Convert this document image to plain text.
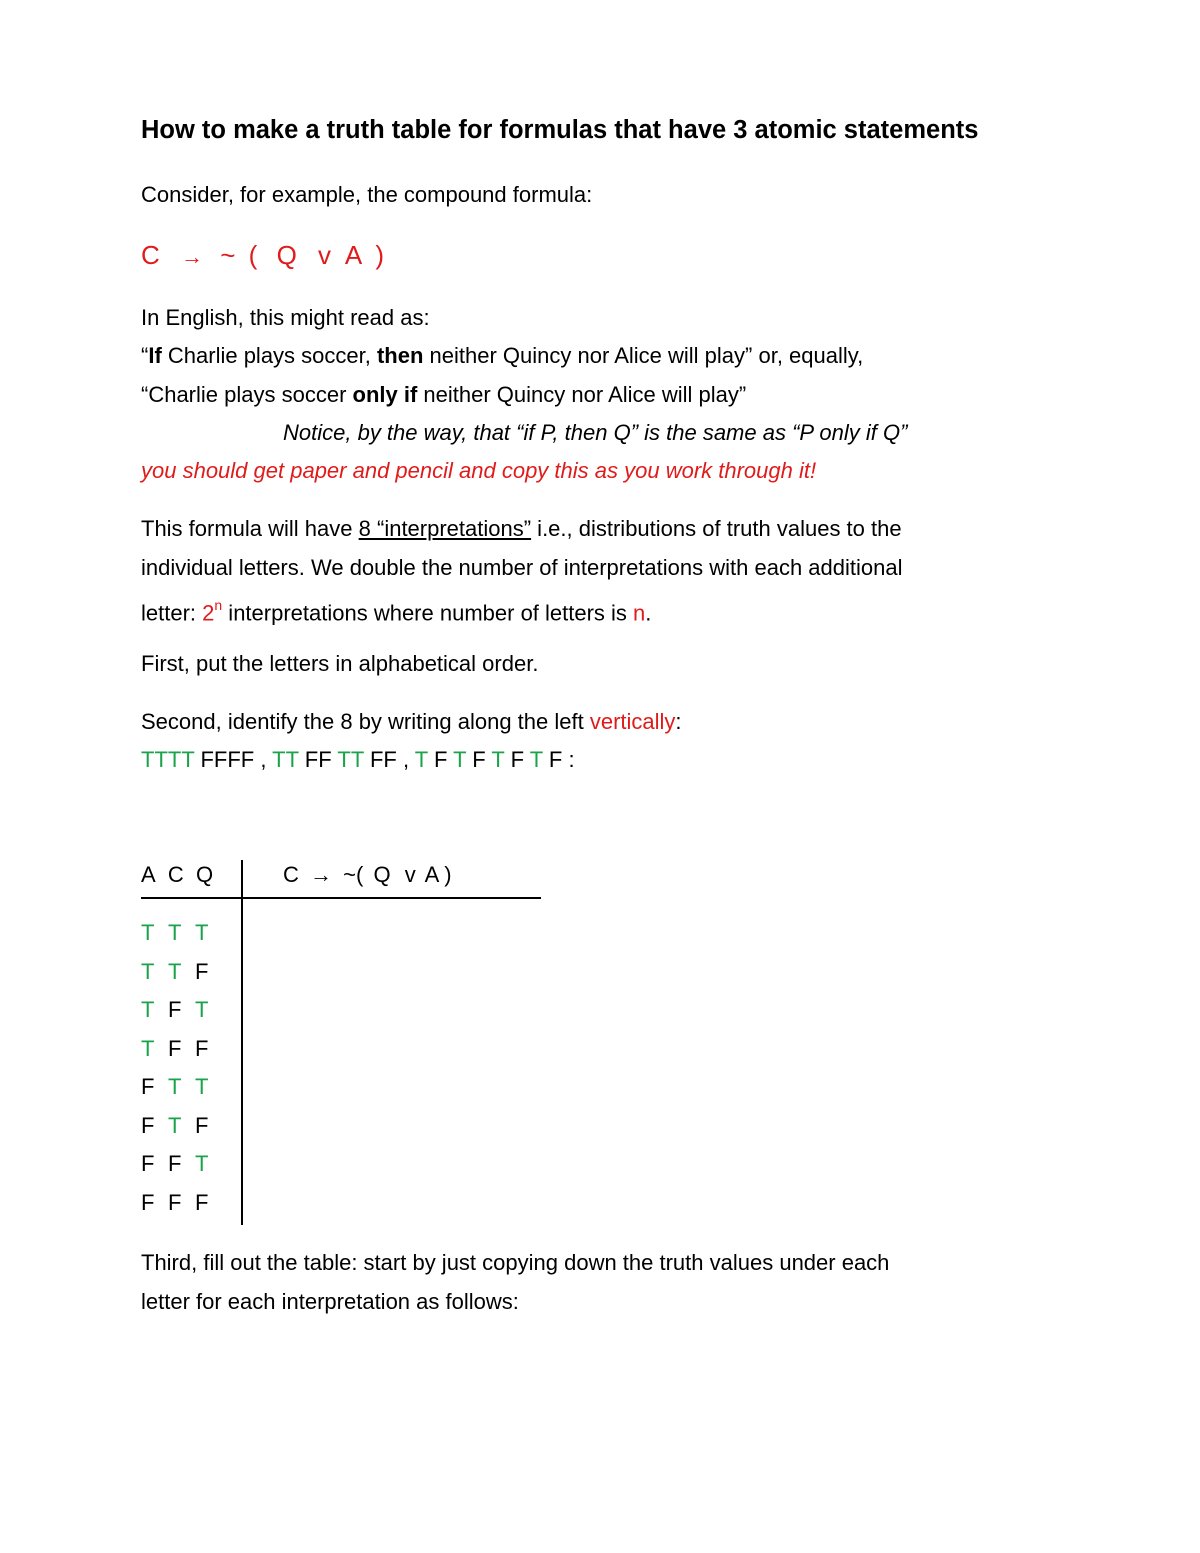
How to make a truth table for formulas that have 3 atomic statements
Consider, for example, the compound formula:
C → ~ ( Q v A )
In English, this might read as:
“If Charlie plays soccer, then neither Quincy nor Alice will play” or, equally,
“Charlie plays soccer only if neither Quincy nor Alice will play”
Notice, by the way, that “if P, then Q” is the same as “P only if Q”
you should get paper and pencil and copy this as you work through it!
This formula will have 8 “interpretations” i.e., distributions of truth values to the
individual letters. We double the number of interpretations with each additional
letter: 2$^n$ interpretations where number of letters is n.
First, put the letters in alphabetical order.
Second, identify the 8 by writing along the left vertically:
TTTT FFFF , TT FF TT FF , T F T F T F T F :
A C Q	C → ~( Q v A )
T T T
T T F
T F T
T F F
F T T
F T F
F F T
F F F
Third, fill out the table: start by just copying down the truth values under each
letter for each interpretation as follows:
